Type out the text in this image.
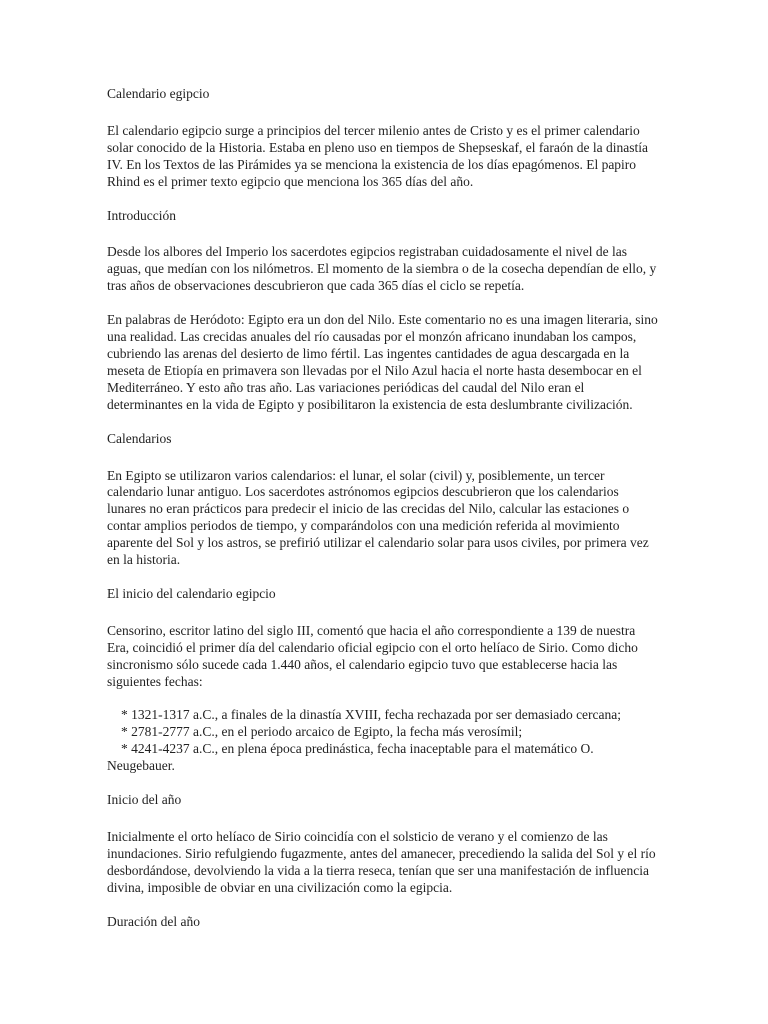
Calendario egipcio

El calendario egipcio surge a principios del tercer milenio antes de Cristo y es el primer calendario solar conocido de la Historia. Estaba en pleno uso en tiempos de Shepseskaf, el faraón de la dinastía IV. En los Textos de las Pirámides ya se menciona la existencia de los días epagómenos. El papiro Rhind es el primer texto egipcio que menciona los 365 días del año.

Introducción

Desde los albores del Imperio los sacerdotes egipcios registraban cuidadosamente el nivel de las aguas, que medían con los nilómetros. El momento de la siembra o de la cosecha dependían de ello, y tras años de observaciones descubrieron que cada 365 días el ciclo se repetía.

En palabras de Heródoto: Egipto era un don del Nilo. Este comentario no es una imagen literaria, sino una realidad. Las crecidas anuales del río causadas por el monzón africano inundaban los campos, cubriendo las arenas del desierto de limo fértil. Las ingentes cantidades de agua descargada en la meseta de Etiopía en primavera son llevadas por el Nilo Azul hacia el norte hasta desembocar en el Mediterráneo. Y esto año tras año. Las variaciones periódicas del caudal del Nilo eran el determinantes en la vida de Egipto y posibilitaron la existencia de esta deslumbrante civilización.

Calendarios

En Egipto se utilizaron varios calendarios: el lunar, el solar (civil) y, posiblemente, un tercer calendario lunar antiguo. Los sacerdotes astrónomos egipcios descubrieron que los calendarios lunares no eran prácticos para predecir el inicio de las crecidas del Nilo, calcular las estaciones o contar amplios periodos de tiempo, y comparándolos con una medición referida al movimiento aparente del Sol y los astros, se prefirió utilizar el calendario solar para usos civiles, por primera vez en la historia.

El inicio del calendario egipcio

Censorino, escritor latino del siglo III, comentó que hacia el año correspondiente a 139 de nuestra Era, coincidió el primer día del calendario oficial egipcio con el orto helíaco de Sirio. Como dicho sincronismo sólo sucede cada 1.440 años, el calendario egipcio tuvo que establecerse hacia las siguientes fechas:

* 1321-1317 a.C., a finales de la dinastía XVIII, fecha rechazada por ser demasiado cercana;
* 2781-2777 a.C., en el periodo arcaico de Egipto, la fecha más verosímil;
* 4241-4237 a.C., en plena época predinástica, fecha inaceptable para el matemático O. Neugebauer.

Inicio del año

Inicialmente el orto helíaco de Sirio coincidía con el solsticio de verano y el comienzo de las inundaciones. Sirio refulgiendo fugazmente, antes del amanecer, precediendo la salida del Sol y el río desbordándose, devolviendo la vida a la tierra reseca, tenían que ser una manifestación de influencia divina, imposible de obviar en una civilización como la egipcia.

Duración del año
